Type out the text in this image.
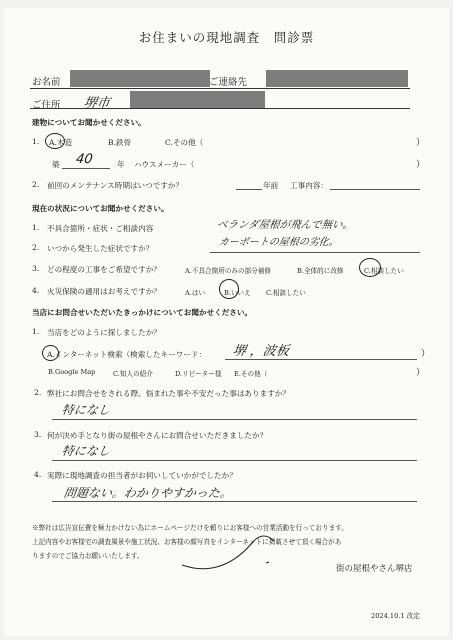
お住まいの現地調査　問診票
お名前	ご連絡先
ご住所 堺市
建物についてお聞かせください。
1. A.木造	B.鉄骨	C.その他（	）
築 40	年 ハウスメーカー（	）
2. 前回のメンテナンス時期はいつですか？	年前 工事内容：
現在の状況についてお聞かせください。
1. 不具合箇所・症状・ご相談内容	ベランダ屋根が飛んで無い。
2. いつから発生した症状ですか？
カーポートの屋根の劣化。
3. どの程度の工事をご希望ですか？	A.不具合箇所のみの部分補修	B.全体的に改修	C.相談したい
4. 火災保険の適用はお考えですか？	A.はい	B.いいえ C.相談したい
当店にお問合せいただいたきっかけについてお聞かせください。
1. 当店をどのように探しましたか？
A.インターネット検索（検索したキーワード： 堺 ，波板	）
B.Google Map	C.知人の紹介	D.リピーター様 E.その他（	）
2. 弊社にお問合せをされる際、悩まれた事や不安だった事はありますか？
特になし
3. 何が決め手となり街の屋根やさんにお問合せいただきましたか？
特になし
4. 実際に現地調査の担当者がお伺いしていかがでしたか？
問題ない。わかりやすかった。
※弊社は広告宣伝費を極力かけない為にホームページだけを頼りにお客様への営業活動を行っております。
上記内容やお客様宅の調査風景や施工状況、お客様の顔写真をインターネットに掲載させて頂く場合があ
りますのでご協力お願いいたします。
街の屋根やさん堺店
2024.10.1 改定
